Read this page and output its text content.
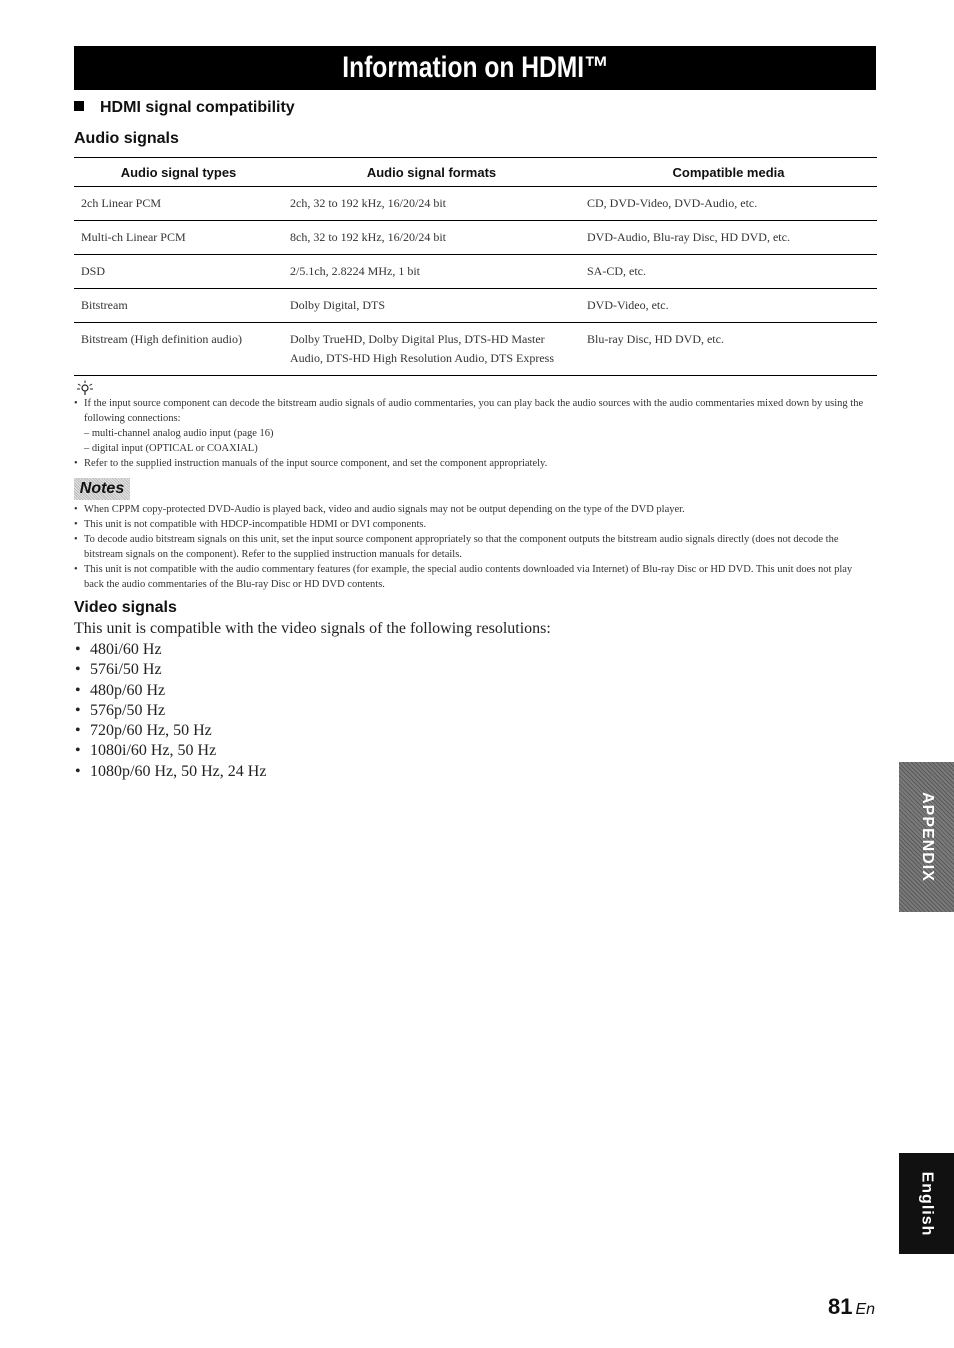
Information on HDMI™
HDMI signal compatibility
Audio signals
Audio signal types	Audio signal formats	Compatible media
2ch Linear PCM	2ch, 32 to 192 kHz, 16/20/24 bit	CD, DVD-Video, DVD-Audio, etc.
Multi-ch Linear PCM	8ch, 32 to 192 kHz, 16/20/24 bit	DVD-Audio, Blu-ray Disc, HD DVD, etc.
DSD	2/5.1ch, 2.8224 MHz, 1 bit	SA-CD, etc.
Bitstream	Dolby Digital, DTS	DVD-Video, etc.
Bitstream (High definition audio)	Dolby TrueHD, Dolby Digital Plus, DTS-HD Master Audio, DTS-HD High Resolution Audio, DTS Express	Blu-ray Disc, HD DVD, etc.
• If the input source component can decode the bitstream audio signals of audio commentaries, you can play back the audio sources with the audio commentaries mixed down by using the following connections:
– multi-channel analog audio input (page 16)
– digital input (OPTICAL or COAXIAL)
• Refer to the supplied instruction manuals of the input source component, and set the component appropriately.
Notes
• When CPPM copy-protected DVD-Audio is played back, video and audio signals may not be output depending on the type of the DVD player.
• This unit is not compatible with HDCP-incompatible HDMI or DVI components.
• To decode audio bitstream signals on this unit, set the input source component appropriately so that the component outputs the bitstream audio signals directly (does not decode the bitstream signals on the component). Refer to the supplied instruction manuals for details.
• This unit is not compatible with the audio commentary features (for example, the special audio contents downloaded via Internet) of Blu-ray Disc or HD DVD. This unit does not play back the audio commentaries of the Blu-ray Disc or HD DVD contents.
Video signals
This unit is compatible with the video signals of the following resolutions:
• 480i/60 Hz
• 576i/50 Hz
• 480p/60 Hz
• 576p/50 Hz
• 720p/60 Hz, 50 Hz
• 1080i/60 Hz, 50 Hz
• 1080p/60 Hz, 50 Hz, 24 Hz
APPENDIX
English
81 En
